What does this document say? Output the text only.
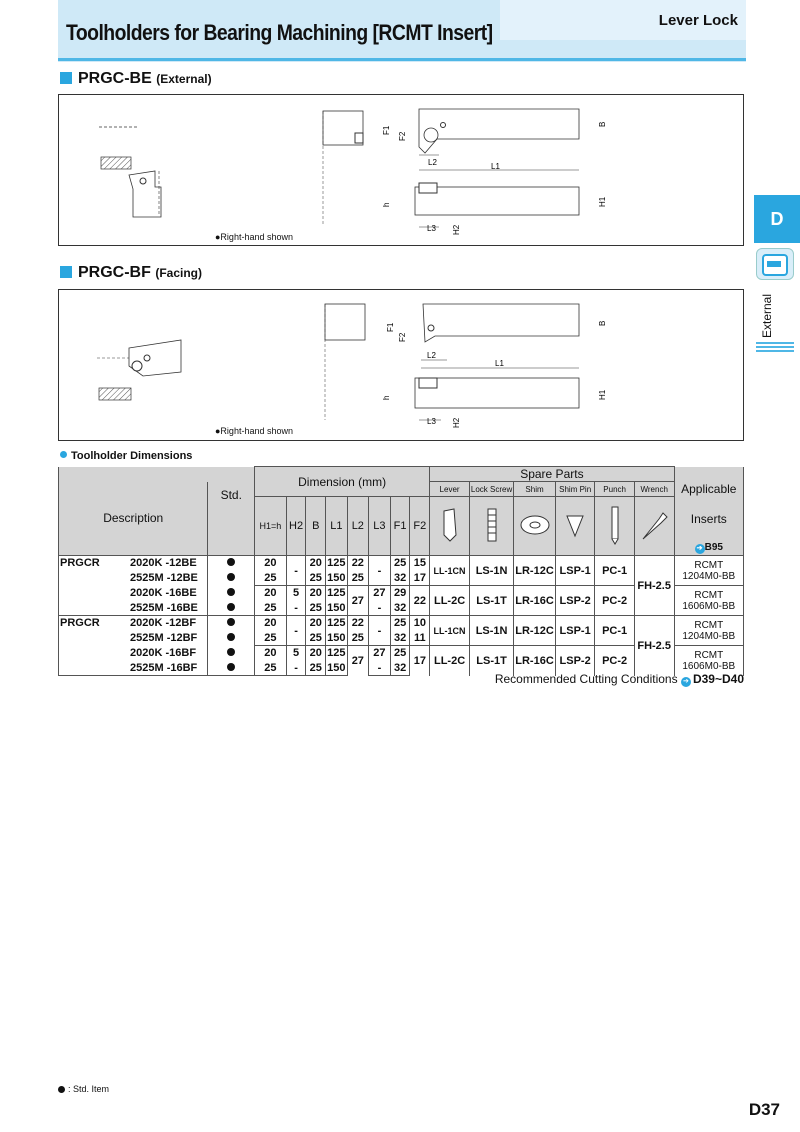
Toolholders for Bearing Machining [RCMT Insert]	Lever Lock
D
External
PRGC-BE (External)
L2	L1
F1
F2
B
L3
h
H2
H1
●Right-hand shown
PRGC-BF (Facing)
L2
L1
F1
F2
B
L3
h
H2
H1
●Right-hand shown
Toolholder Dimensions
		Dimension (mm)								Spare Parts						
Description	Std.									Lever	Lock Screw	Shim	Shim Pin	Punch	Wrench	Applicable
		H1=h	H2	B	L1	L2	L3	F1	F2							Inserts
																➔ B95
PRGCR 2020K -12BE		20	-	20	125	22	-	25	15	LL-1CN	LS-1N	LR-12C	LSP-1	PC-1	FH-2.5	RCMT
1204M0-BB
2525M -12BE		25		25	150	25		32	17							
2020K -16BE		20	5	20	125	27	27	29	22	LL-2C	LS-1T	LR-16C	LSP-2	PC-2		RCMT
1606M0-BB
2525M -16BE		25	-	25	150		-	32								
PRGCR 2020K -12BF		20	-	20	125	22	-	25	10	LL-1CN	LS-1N	LR-12C	LSP-1	PC-1	FH-2.5	RCMT
1204M0-BB
2525M -12BF		25		25	150	25		32	11							
2020K -16BF		20	5	20	125	27	27	25	17	LL-2C	LS-1T	LR-16C	LSP-2	PC-2		RCMT
1606M0-BB
2525M -16BF		25	-	25	150		-	32								
Recommended Cutting Conditions ➔ D39~D40
: Std. Item
D37
